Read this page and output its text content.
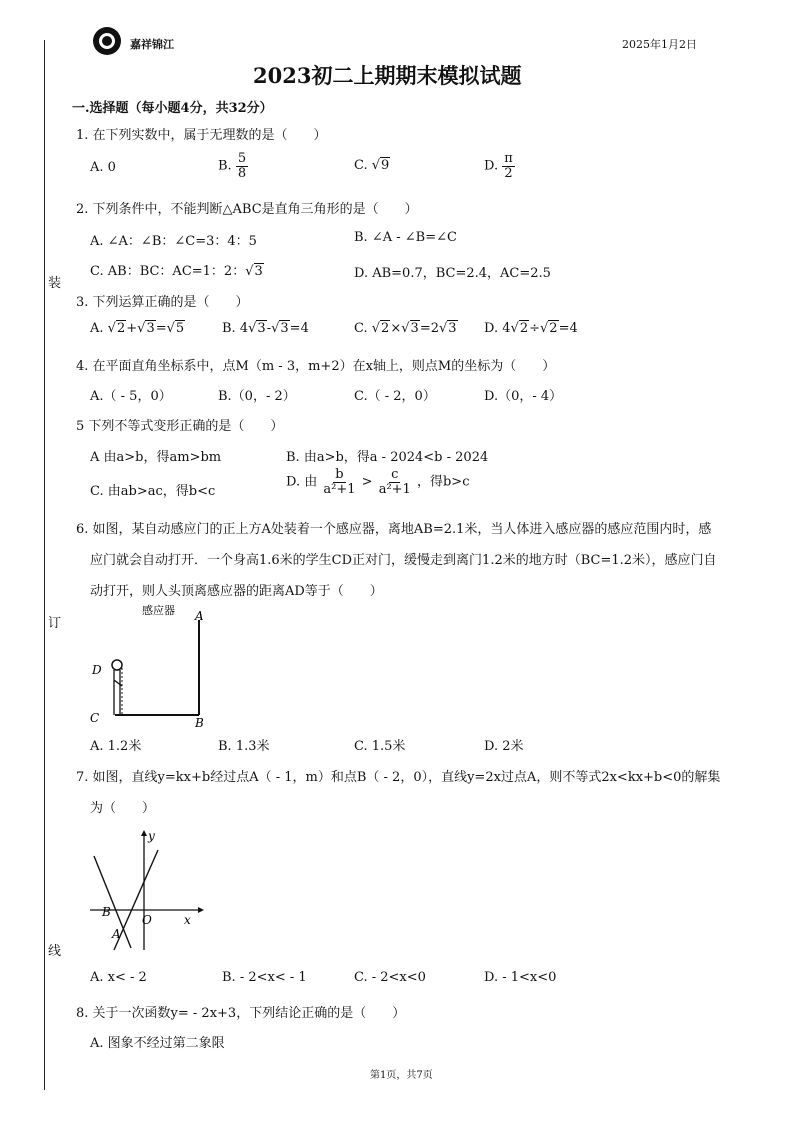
装
订
线
嘉祥锦江	2025年1月2日
2023初二上期期末模拟试题
一.选择题（每小题4分，共32分）
1. 在下列实数中，属于无理数的是（　　）
A. 0	B. $\frac{5}{8}$	C. √9	D. $\frac{\pi}{2}$
2. 下列条件中，不能判断△ABC是直角三角形的是（　　）
A. ∠A：∠B：∠C=3：4：5	B. ∠A - ∠B=∠C
C. AB：BC：AC=1：2：√3	D. AB=0.7，BC=2.4，AC=2.5
3. 下列运算正确的是（　　）
A. √2+√3=√5	B. 4√3-√3=4	C. √2×√3=2√3 D. 4√2÷√2=4
4. 在平面直角坐标系中，点M（m - 3，m+2）在x轴上，则点M的坐标为（　　）
A.（ - 5，0）	B.（0，- 2）	C.（ - 2，0）	D.（0，- 4）
5 下列不等式变形正确的是（　　）
A 由a>b，得am>bm	B. 由a>b，得a - 2024<b - 2024
C. 由ab>ac，得b<c
D. 由 $\frac{b}{\text{a²+1}} > \frac{c}{\text{a²+1}}$ ，得b>c
6. 如图，某自动感应门的正上方A处装着一个感应器，离地AB=2.1米，当人体进入感应器的感应范围内时，感
应门就会自动打开．一个身高1.6米的学生CD正对门，缓慢走到离门1.2米的地方时（BC=1.2米），感应门自
动打开，则人头顶离感应器的距离AD等于（　　）
感应器 A
B
C
D
A. 1.2米	B. 1.3米	C. 1.5米	D. 2米
7. 如图，直线y=kx+b经过点A（ - 1，m）和点B（ - 2，0），直线y=2x过点A，则不等式2x<kx+b<0的解集
为（　　）
y
x
O
B
A
A. x< - 2	B. - 2<x< - 1	C. - 2<x<0	D. - 1<x<0
8. 关于一次函数y= - 2x+3，下列结论正确的是（　　）
A. 图象不经过第二象限
第1页，共7页
